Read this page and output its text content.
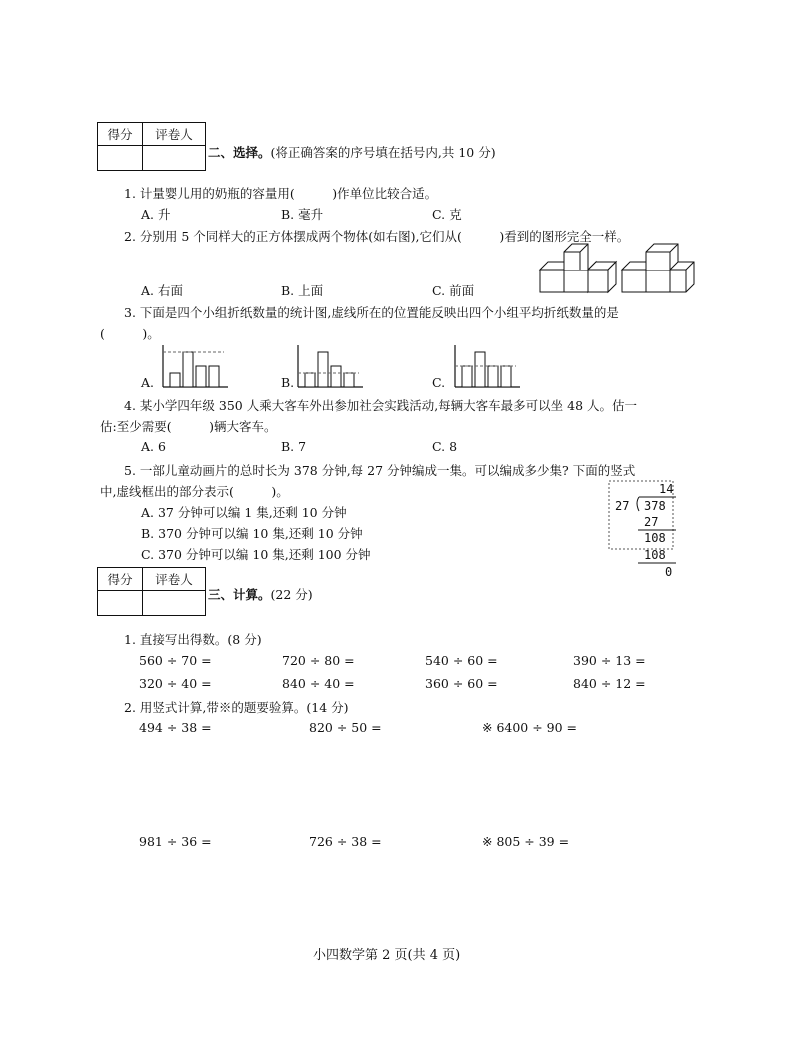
得分	评卷人

二、选择。(将正确答案的序号填在括号内,共 10 分)
1. 计量婴儿用的奶瓶的容量用(　　　)作单位比较合适。
A. 升	B. 毫升	C. 克
2. 分别用 5 个同样大的正方体摆成两个物体(如右图),它们从(　　　)看到的图形完全一样。
A. 右面	B. 上面	C. 前面
3. 下面是四个小组折纸数量的统计图,虚线所在的位置能反映出四个小组平均折纸数量的是
(　　　)。
A.	B.	C.
4. 某小学四年级 350 人乘大客车外出参加社会实践活动,每辆大客车最多可以坐 48 人。估一
估:至少需要(　　　)辆大客车。
A. 6	B. 7	C. 8
5. 一部儿童动画片的总时长为 378 分钟,每 27 分钟编成一集。可以编成多少集? 下面的竖式
中,虚线框出的部分表示(　　　)。
A. 37 分钟可以编 1 集,还剩 10 分钟
B. 370 分钟可以编 10 集,还剩 10 分钟
C. 370 分钟可以编 10 集,还剩 100 分钟
14
27 378
27
108
108
0
得分	评卷人

三、计算。(22 分)
1. 直接写出得数。(8 分)
560 ÷ 70 =	720 ÷ 80 =	540 ÷ 60 =	390 ÷ 13 =
320 ÷ 40 =	840 ÷ 40 =	360 ÷ 60 =	840 ÷ 12 =
2. 用竖式计算,带※的题要验算。(14 分)
494 ÷ 38 =	820 ÷ 50 =	※ 6400 ÷ 90 =
981 ÷ 36 =	726 ÷ 38 =	※ 805 ÷ 39 =
小四数学第 2 页(共 4 页)
